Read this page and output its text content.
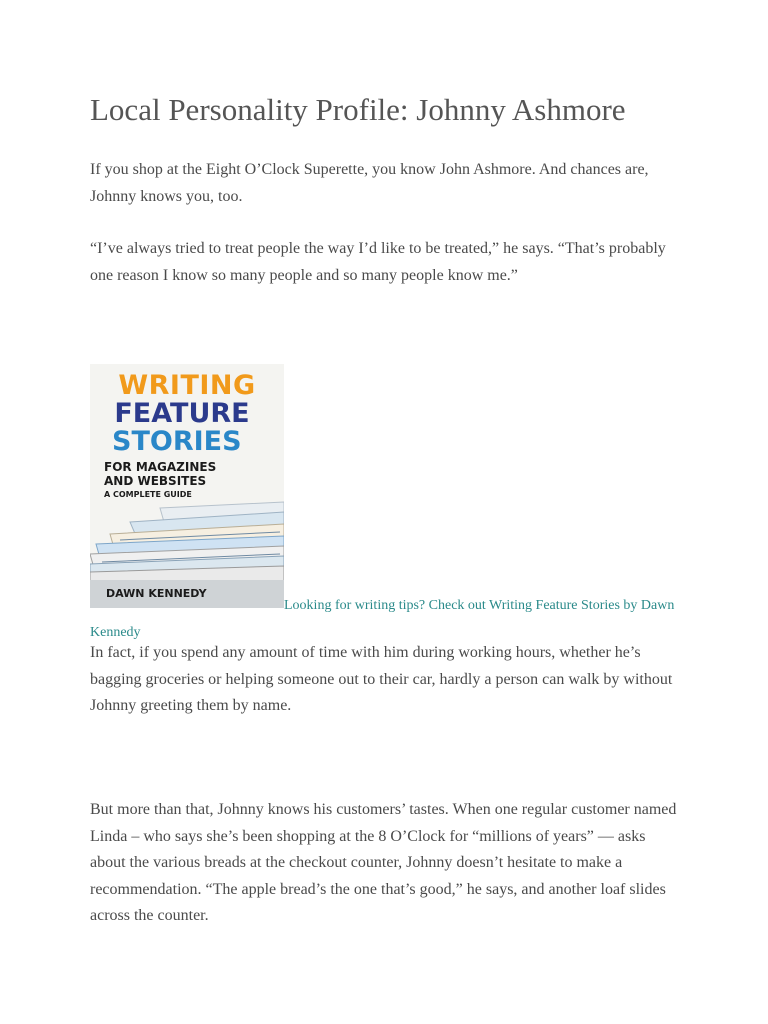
Local Personality Profile: Johnny Ashmore

If you shop at the Eight O’Clock Superette, you know John Ashmore. And chances are, Johnny knows you, too.

“I’ve always tried to treat people the way I’d like to be treated,” he says. “That’s probably one reason I know so many people and so many people know me.”

WRITING
FEATURE
STORIES
FOR MAGAZINES
AND WEBSITES
A COMPLETE GUIDE
DAWN KENNEDY
Looking for writing tips? Check out Writing Feature Stories by Dawn
Kennedy

In fact, if you spend any amount of time with him during working hours, whether he’s bagging groceries or helping someone out to their car, hardly a person can walk by without Johnny greeting them by name.

But more than that, Johnny knows his customers’ tastes. When one regular customer named Linda – who says she’s been shopping at the 8 O’Clock for “millions of years” — asks about the various breads at the checkout counter, Johnny doesn’t hesitate to make a recommendation. “The apple bread’s the one that’s good,” he says, and another loaf slides across the counter.
